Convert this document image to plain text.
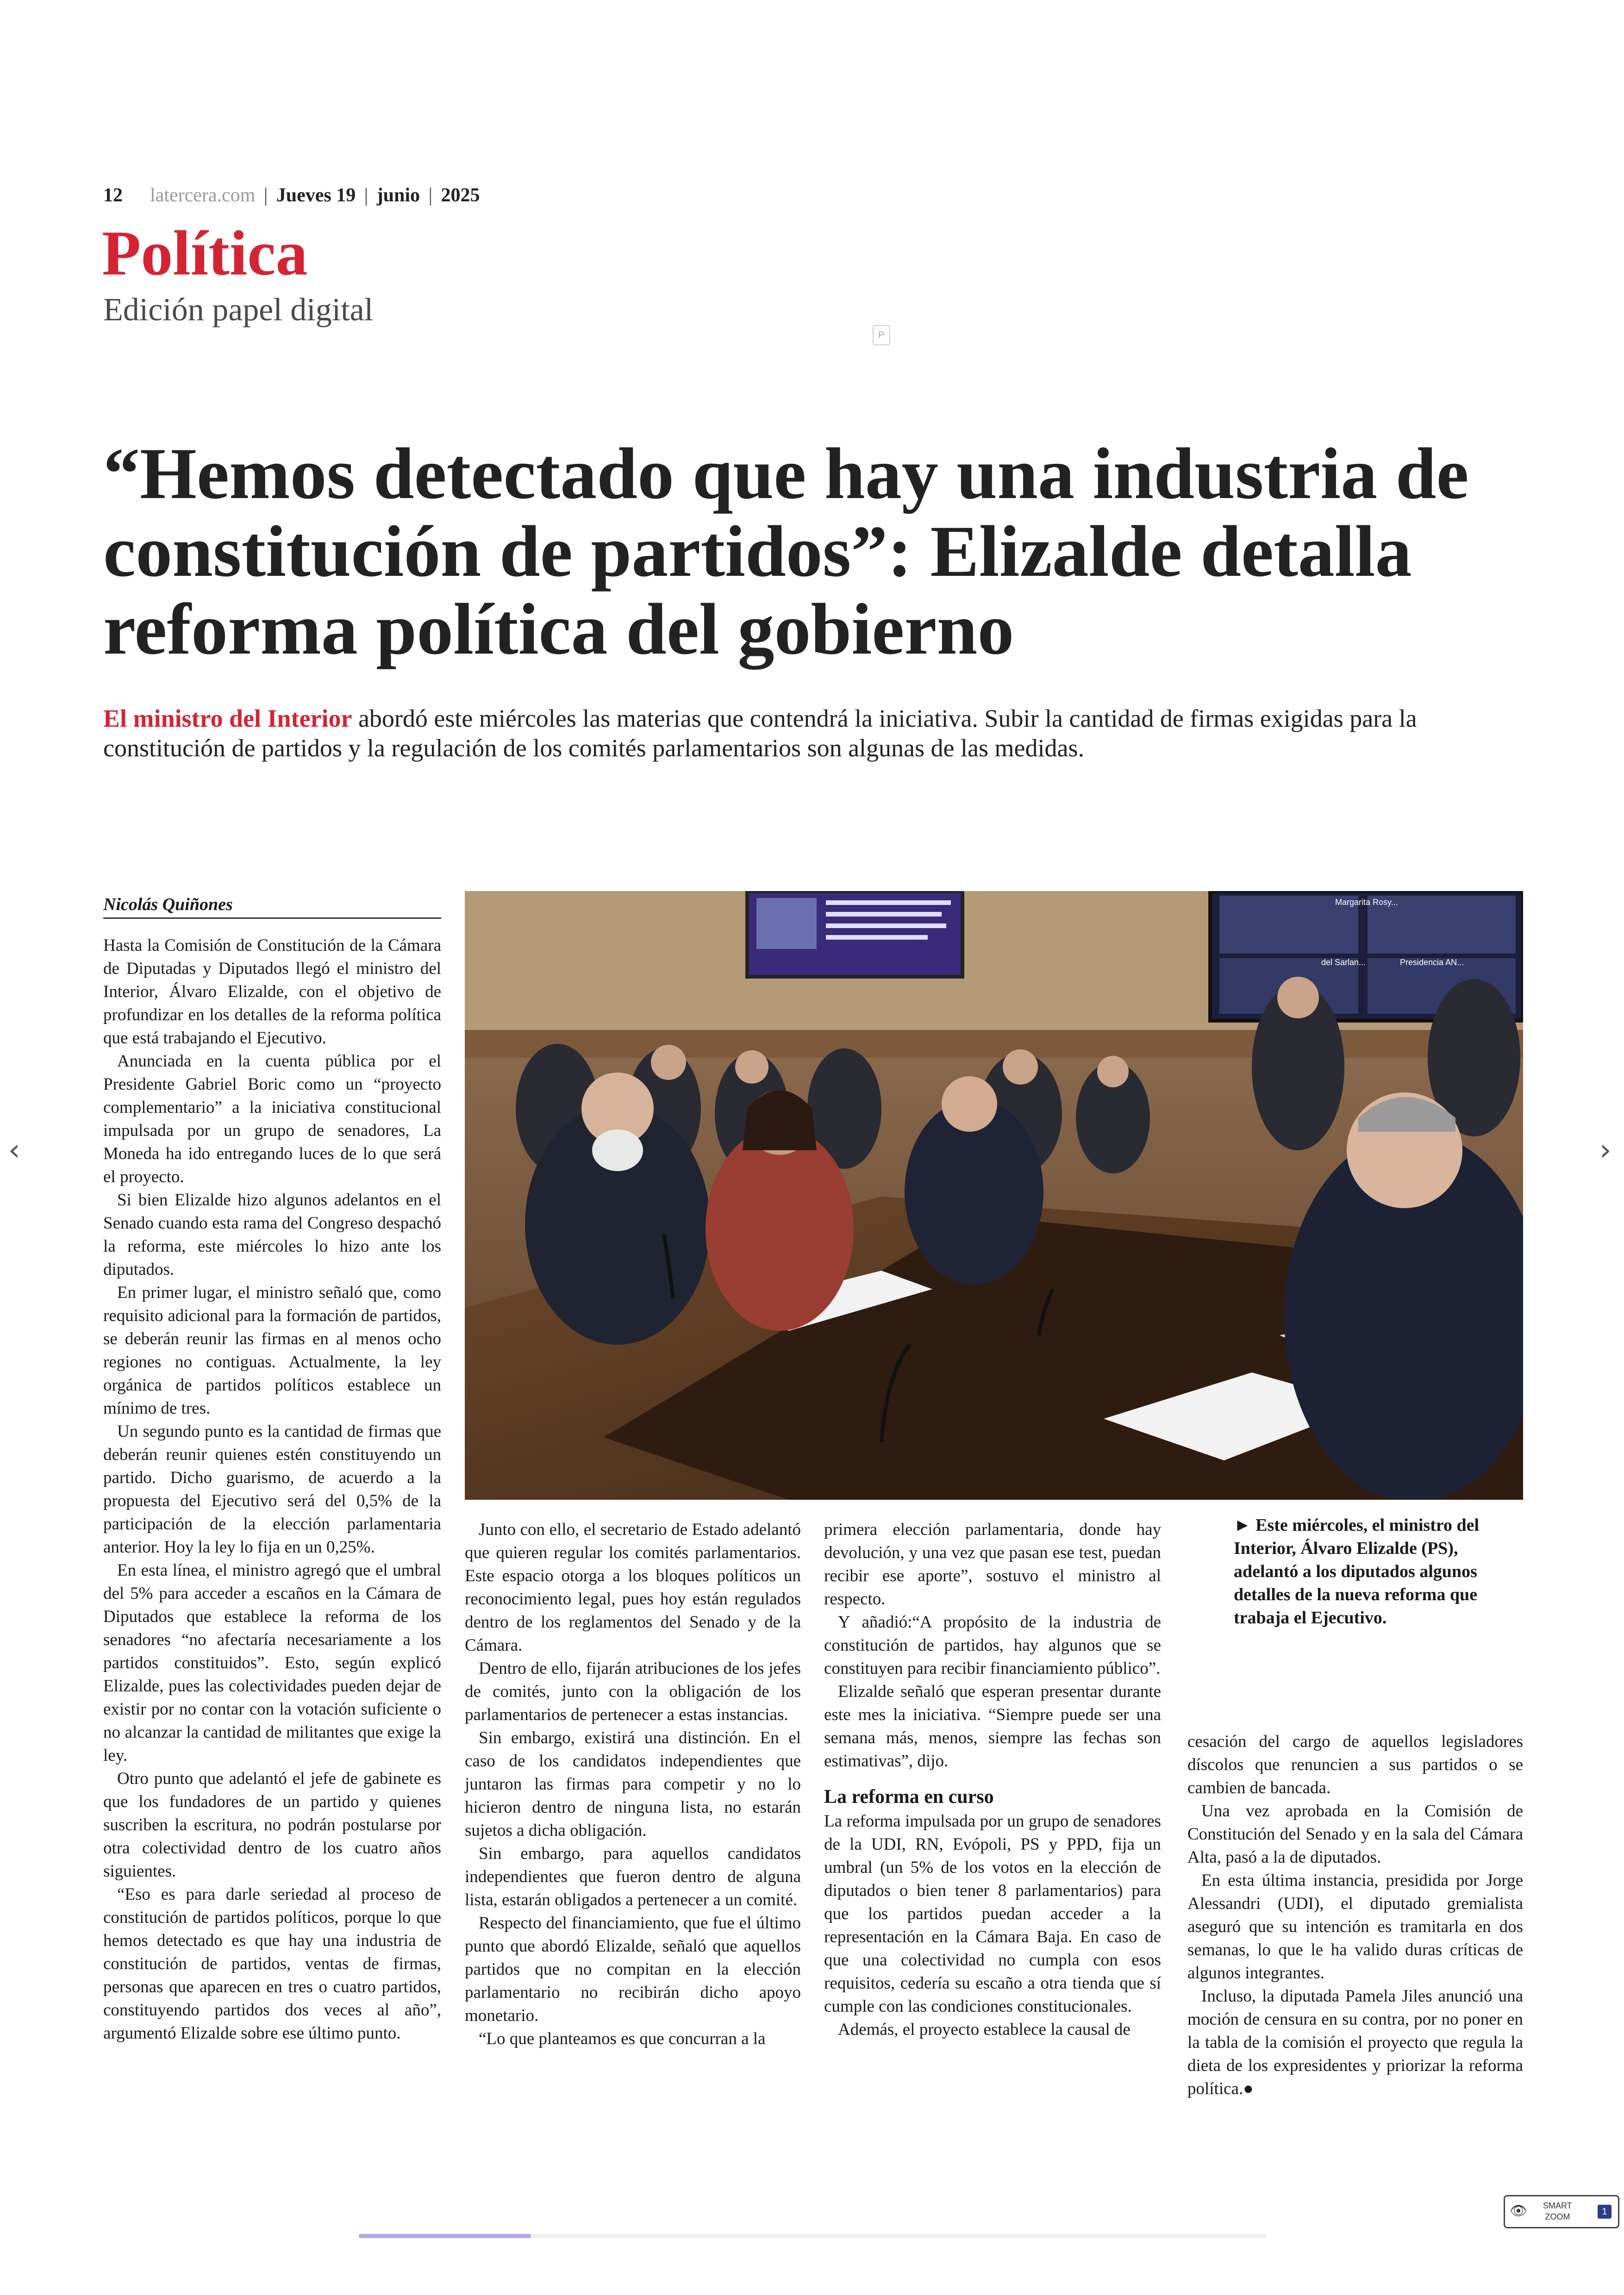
12 latercera.com | Jueves 19 | junio | 2025
Política
Edición papel digital
P
“Hemos detectado que hay una industria de constitución de partidos”: Elizalde detalla reforma política del gobierno

El ministro del Interior abordó este miércoles las materias que contendrá la iniciativa. Subir la cantidad de firmas exigidas para la constitución de partidos y la regulación de los comités parlamentarios son algunas de las medidas.

Nicolás Quiñones

Hasta la Comisión de Constitución de la Cámara de Diputadas y Diputados llegó el ministro del Interior, Álvaro Elizalde, con el objetivo de profundizar en los detalles de la reforma política que está trabajando el Ejecutivo.

Anunciada en la cuenta pública por el Presidente Gabriel Boric como un “proyecto complementario” a la iniciativa constitucional impulsada por un grupo de senadores, La Moneda ha ido entregando luces de lo que será el proyecto.

Si bien Elizalde hizo algunos adelantos en el Senado cuando esta rama del Congreso despachó la reforma, este miércoles lo hizo ante los diputados.

En primer lugar, el ministro señaló que, como requisito adicional para la formación de partidos, se deberán reunir las firmas en al menos ocho regiones no contiguas. Actualmente, la ley orgánica de partidos políticos establece un mínimo de tres.

Un segundo punto es la cantidad de firmas que deberán reunir quienes estén constituyendo un partido. Dicho guarismo, de acuerdo a la propuesta del Ejecutivo será del 0,5% de la participación de la elección parlamentaria anterior. Hoy la ley lo fija en un 0,25%.

En esta línea, el ministro agregó que el umbral del 5% para acceder a escaños en la Cámara de Diputados que establece la reforma de los senadores “no afectaría necesariamente a los partidos constituidos”. Esto, según explicó Elizalde, pues las colectividades pueden dejar de existir por no contar con la votación suficiente o no alcanzar la cantidad de militantes que exige la ley.

Otro punto que adelantó el jefe de gabinete es que los fundadores de un partido y quienes suscriben la escritura, no podrán postularse por otra colectividad dentro de los cuatro años siguientes.

“Eso es para darle seriedad al proceso de constitución de partidos políticos, porque lo que hemos detectado es que hay una industria de constitución de partidos, ventas de firmas, personas que aparecen en tres o cuatro partidos, constituyendo partidos dos veces al año”, argumentó Elizalde sobre ese último punto.

Margarita Rosy...
Presidencia AN...
del Sarlan...

Junto con ello, el secretario de Estado adelantó que quieren regular los comités parlamentarios. Este espacio otorga a los bloques políticos un reconocimiento legal, pues hoy están regulados dentro de los reglamentos del Senado y de la Cámara.

Dentro de ello, fijarán atribuciones de los jefes de comités, junto con la obligación de los parlamentarios de pertenecer a estas instancias.

Sin embargo, existirá una distinción. En el caso de los candidatos independientes que juntaron las firmas para competir y no lo hicieron dentro de ninguna lista, no estarán sujetos a dicha obligación.

Sin embargo, para aquellos candidatos independientes que fueron dentro de alguna lista, estarán obligados a pertenecer a un comité.

Respecto del financiamiento, que fue el último punto que abordó Elizalde, señaló que aquellos partidos que no compitan en la elección parlamentario no recibirán dicho apoyo monetario.

“Lo que planteamos es que concurran a la

primera elección parlamentaria, donde hay devolución, y una vez que pasan ese test, puedan recibir ese aporte”, sostuvo el ministro al respecto.

Y añadió:“A propósito de la industria de constitución de partidos, hay algunos que se constituyen para recibir financiamiento público”.

Elizalde señaló que esperan presentar durante este mes la iniciativa. “Siempre puede ser una semana más, menos, siempre las fechas son estimativas”, dijo.

La reforma en curso

La reforma impulsada por un grupo de senadores de la UDI, RN, Evópoli, PS y PPD, fija un umbral (un 5% de los votos en la elección de diputados o bien tener 8 parlamentarios) para que los partidos puedan acceder a la representación en la Cámara Baja. En caso de que una colectividad no cumpla con esos requisitos, cedería su escaño a otra tienda que sí cumple con las condiciones constitucionales.

Además, el proyecto establece la causal de

► Este miércoles, el ministro del Interior, Álvaro Elizalde (PS), adelantó a los diputados algunos detalles de la nueva reforma que trabaja el Ejecutivo.

cesación del cargo de aquellos legisladores díscolos que renuncien a sus partidos o se cambien de bancada.

Una vez aprobada en la Comisión de Constitución del Senado y en la sala del Cámara Alta, pasó a la de diputados.

En esta última instancia, presidida por Jorge Alessandri (UDI), el diputado gremialista aseguró que su intención es tramitarla en dos semanas, lo que le ha valido duras críticas de algunos integrantes.

Incluso, la diputada Pamela Jiles anunció una moción de censura en su contra, por no poner en la tabla de la comisión el proyecto que regula la dieta de los expresidentes y priorizar la reforma política.●

‹	›
👁 SMART
ZOOM	1
